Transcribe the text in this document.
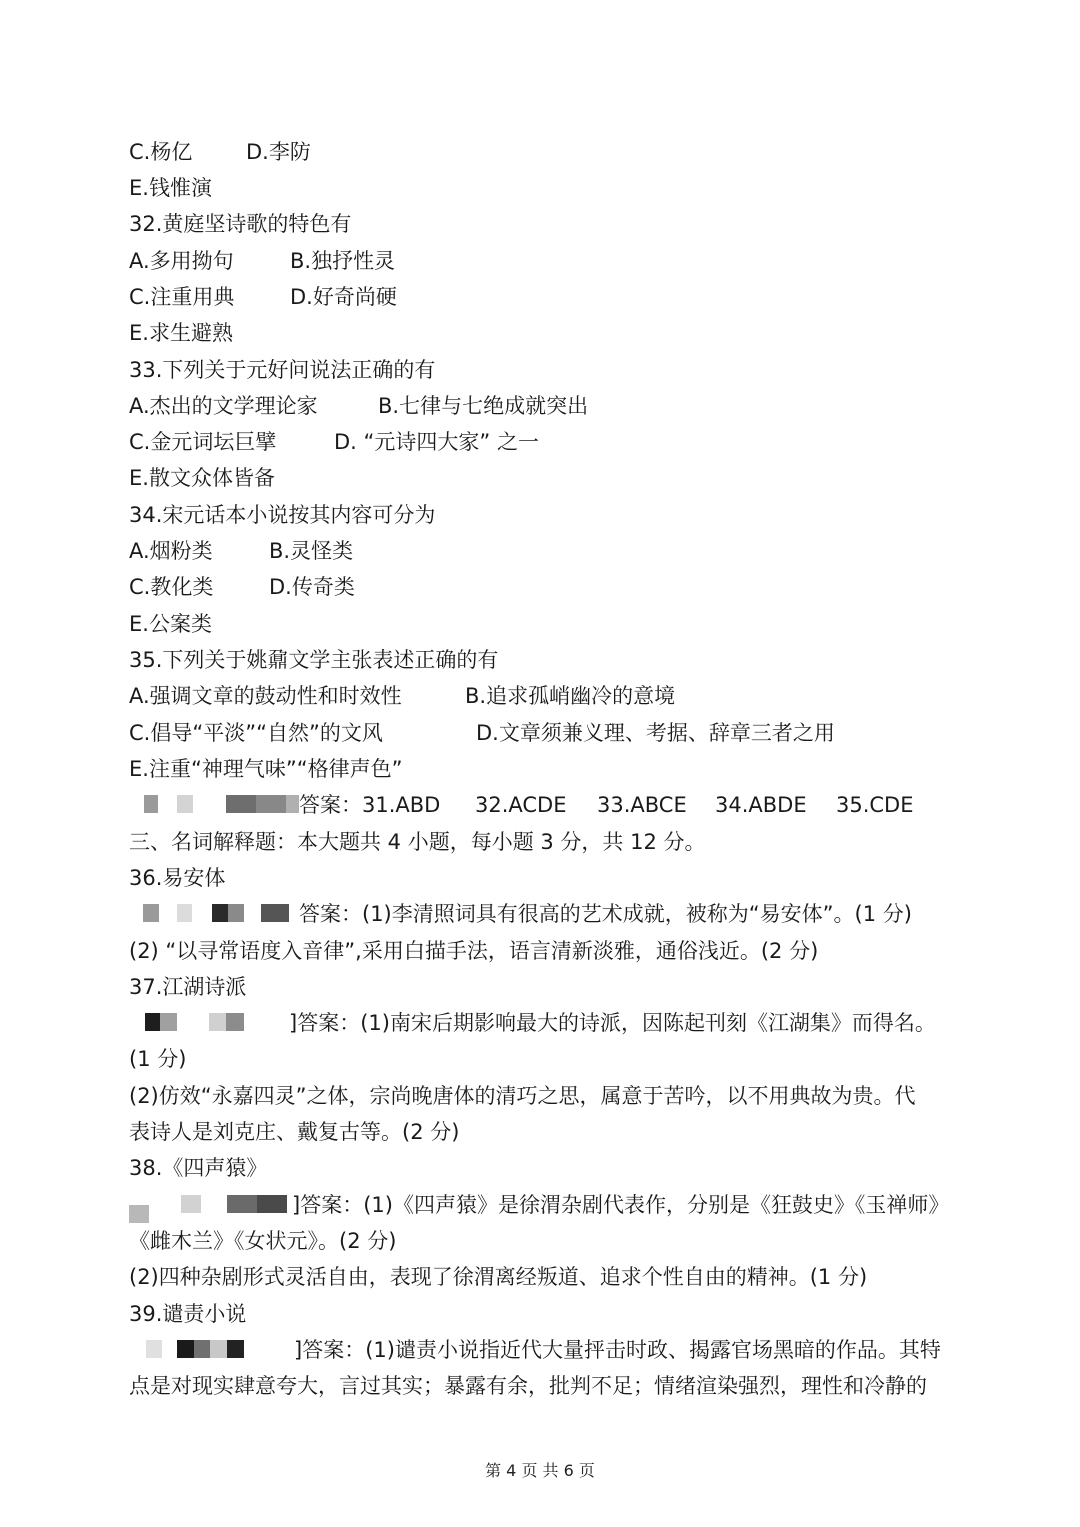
C.杨亿	D.李防
E.钱惟演
32.黄庭坚诗歌的特色有
A.多用拗句	B.独抒性灵
C.注重用典	D.好奇尚硬
E.求生避熟
33.下列关于元好问说法正确的有
A.杰出的文学理论家	B.七律与七绝成就突出
C.金元词坛巨擘	D. “元诗四大家” 之一
E.散文众体皆备
34.宋元话本小说按其内容可分为
A.烟粉类	B.灵怪类
C.教化类	D.传奇类
E.公案类
35.下列关于姚鼐文学主张表述正确的有
A.强调文章的鼓动性和时效性	B.追求孤峭幽冷的意境
C.倡导“平淡”“自然”的文风	D.文章须兼义理、考据、辞章三者之用
E.注重“神理气味”“格律声色”
答案：31.ABD 32.ACDE 33.ABCE 34.ABDE 35.CDE
三、名词解释题：本大题共 4 小题，每小题 3 分，共 12 分。
36.易安体
答案：(1)李清照词具有很高的艺术成就，被称为“易安体”。(1 分)
(2) “以寻常语度入音律”,采用白描手法，语言清新淡雅，通俗浅近。(2 分)
37.江湖诗派
]答案：(1)南宋后期影响最大的诗派，因陈起刊刻《江湖集》而得名。
(1 分)
(2)仿效“永嘉四灵”之体，宗尚晚唐体的清巧之思，属意于苦吟，以不用典故为贵。代
表诗人是刘克庄、戴复古等。(2 分)
38.《四声猿》
]答案：(1)《四声猿》是徐渭杂剧代表作，分别是《狂鼓史》《玉禅师》
《雌木兰》《女状元》。(2 分)
(2)四种杂剧形式灵活自由，表现了徐渭离经叛道、追求个性自由的精神。(1 分)
39.谴责小说
]答案：(1)谴责小说指近代大量抨击时政、揭露官场黑暗的作品。其特
点是对现实肆意夸大，言过其实；暴露有余，批判不足；情绪渲染强烈，理性和冷静的
第 4 页 共 6 页
